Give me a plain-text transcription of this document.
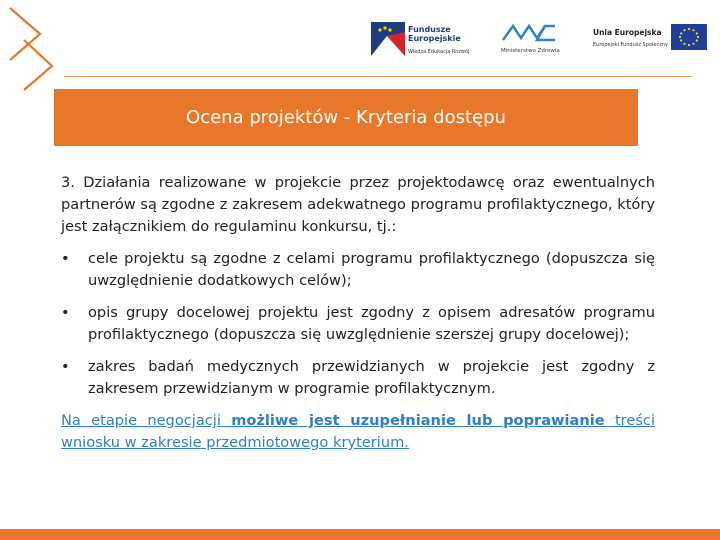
Fundusze
Europejskie
Wiedza Edukacja Rozwój	Ministerstwo Zdrowia
Unia Europejska
Europejski Fundusz Społeczny
Ocena projektów - Kryteria dostępu

3. Działania realizowane w projekcie przez projektodawcę oraz ewentualnych partnerów są zgodne z zakresem adekwatnego programu profilaktycznego, który jest załącznikiem do regulaminu konkursu, tj.:

• cele projektu są zgodne z celami programu profilaktycznego (dopuszcza się uwzględnienie dodatkowych celów);
• opis grupy docelowej projektu jest zgodny z opisem adresatów programu profilaktycznego (dopuszcza się uwzględnienie szerszej grupy docelowej);
• zakres badań medycznych przewidzianych w projekcie jest zgodny z zakresem przewidzianym w programie profilaktycznym.

Na etapie negocjacji możliwe jest uzupełnianie lub poprawianie treści wniosku w zakresie przedmiotowego kryterium.
